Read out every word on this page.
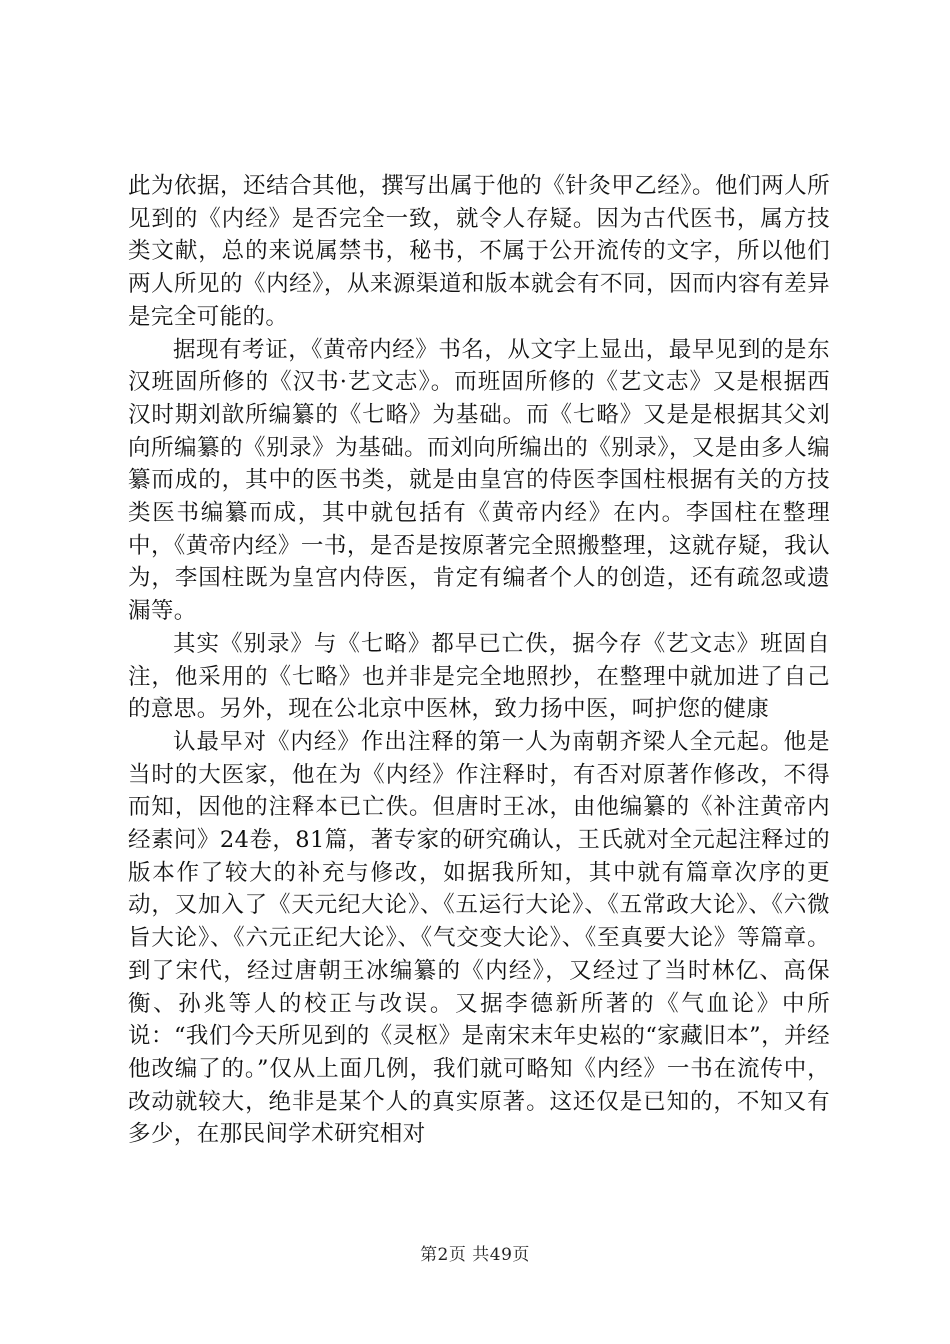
此为依据，还结合其他，撰写出属于他的《针灸甲乙经》。他们两人所见到的《内经》是否完全一致，就令人存疑。因为古代医书，属方技类文献，总的来说属禁书，秘书，不属于公开流传的文字，所以他们两人所见的《内经》，从来源渠道和版本就会有不同，因而内容有差异是完全可能的。

据现有考证，《黄帝内经》书名，从文字上显出，最早见到的是东汉班固所修的《汉书·艺文志》。而班固所修的《艺文志》又是根据西汉时期刘歆所编纂的《七略》为基础。而《七略》又是是根据其父刘向所编纂的《别录》为基础。而刘向所编出的《别录》，又是由多人编纂而成的，其中的医书类，就是由皇宫的侍医李国柱根据有关的方技类医书编纂而成，其中就包括有《黄帝内经》在内。李国柱在整理中，《黄帝内经》一书，是否是按原著完全照搬整理，这就存疑，我认为，李国柱既为皇宫内侍医，肯定有编者个人的创造，还有疏忽或遗漏等。

其实《别录》与《七略》都早已亡佚，据今存《艺文志》班固自注，他采用的《七略》也并非是完全地照抄，在整理中就加进了自己的意思。另外，现在公北京中医林，致力扬中医，呵护您的健康

认最早对《内经》作出注释的第一人为南朝齐梁人全元起。他是当时的大医家，他在为《内经》作注释时，有否对原著作修改，不得而知，因他的注释本已亡佚。但唐时王冰，由他编纂的《补注黄帝内经素问》24卷，81篇，著专家的研究确认，王氏就对全元起注释过的版本作了较大的补充与修改，如据我所知，其中就有篇章次序的更动，又加入了《天元纪大论》、《五运行大论》、《五常政大论》、《六微旨大论》、《六元正纪大论》、《气交变大论》、《至真要大论》等篇章。到了宋代，经过唐朝王冰编纂的《内经》，又经过了当时林亿、高保衡、孙兆等人的校正与改误。又据李德新所著的《气血论》中所说：“我们今天所见到的《灵枢》是南宋末年史崧的“家藏旧本”，并经他改编了的。”仅从上面几例，我们就可略知《内经》一书在流传中，改动就较大，绝非是某个人的真实原著。这还仅是已知的，不知又有多少，在那民间学术研究相对

第2页 共49页
